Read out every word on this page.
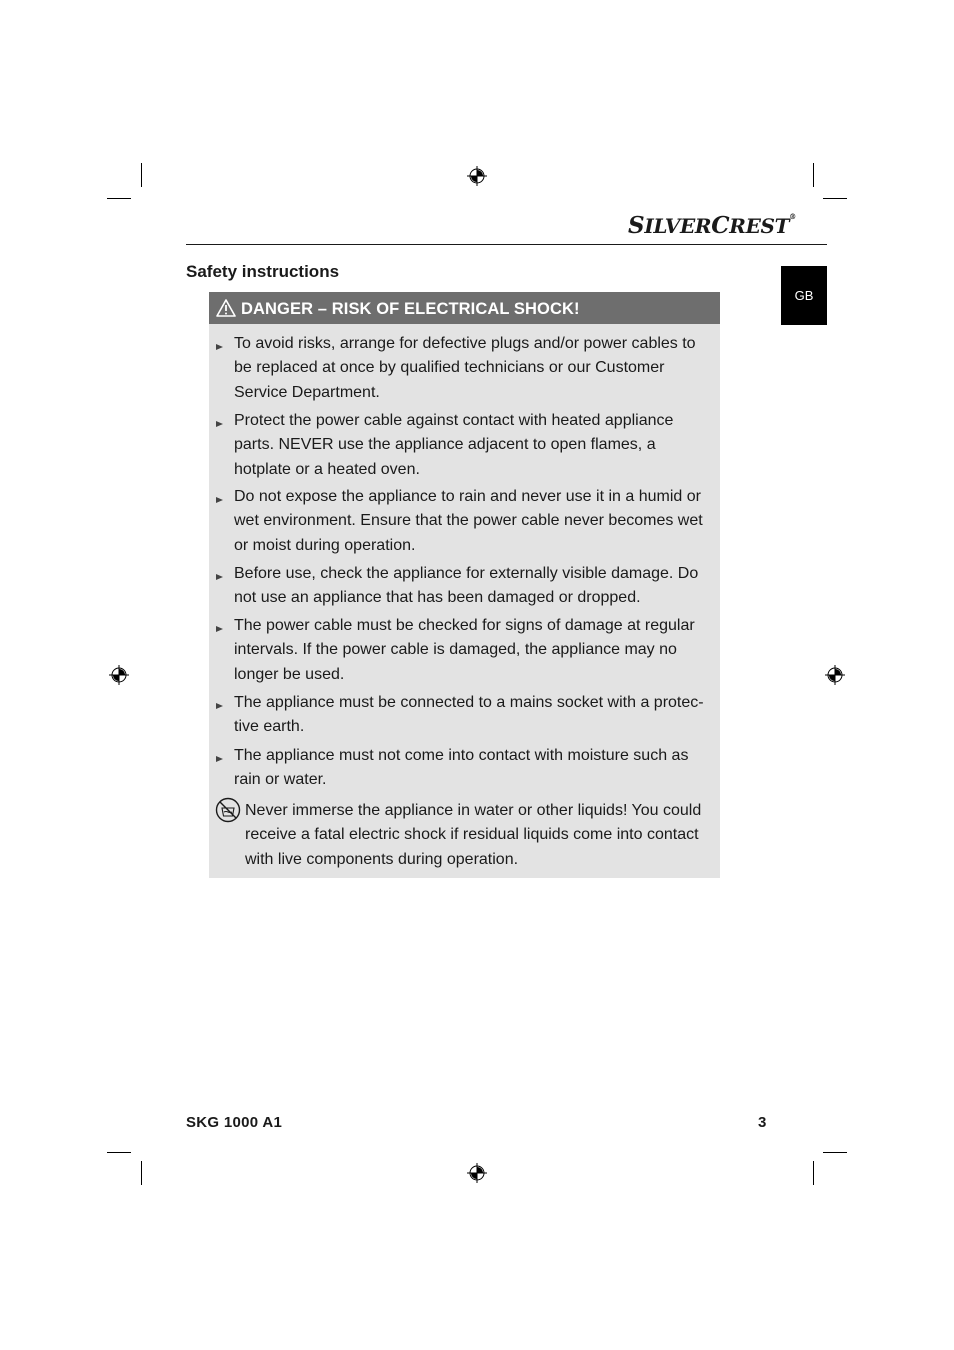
SILVERCREST®
GB
Safety instructions
DANGER – RISK OF ELECTRICAL SHOCK!
To avoid risks, arrange for defective plugs and/or power cables to be replaced at once by qualified technicians or our Customer Service Department.
Protect the power cable against contact with heated appliance parts. NEVER use the appliance adjacent to open flames, a hotplate or a heated oven.
Do not expose the appliance to rain and never use it in a humid or wet environment. Ensure that the power cable never becomes wet or moist during operation.
Before use, check the appliance for externally visible damage. Do not use an appliance that has been damaged or dropped.
The power cable must be checked for signs of damage at regular intervals. If the power cable is damaged, the appliance may no longer be used.
The appliance must be connected to a mains socket with a protec-tive earth.
The appliance must not come into contact with moisture such as rain or water.
Never immerse the appliance in water or other liquids! You could receive a fatal electric shock if residual liquids come into contact with live components during operation.
SKG 1000 A1	3
